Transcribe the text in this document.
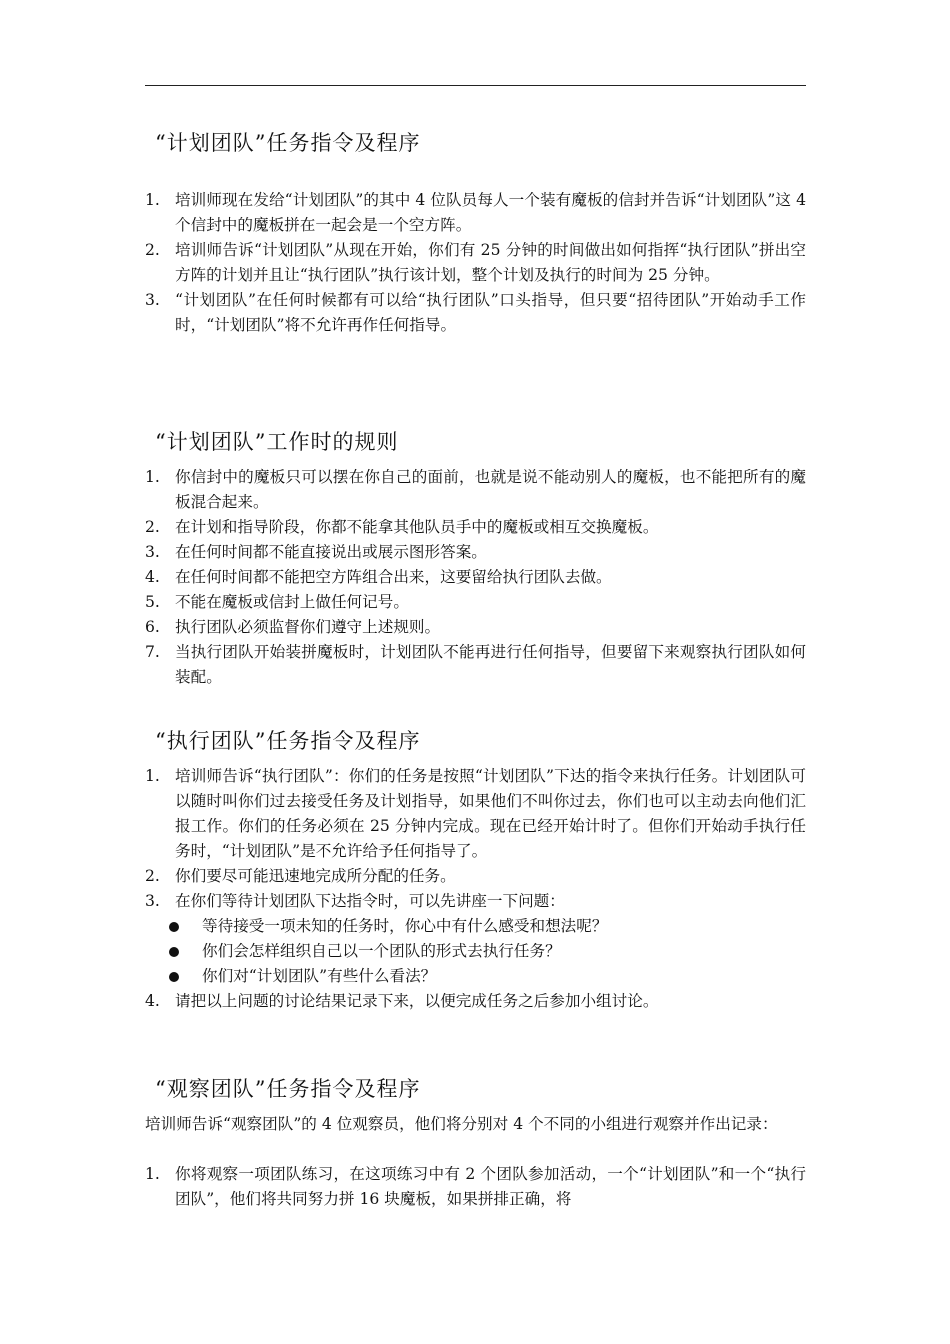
“计划团队”任务指令及程序
1. 培训师现在发给“计划团队”的其中 4 位队员每人一个装有魔板的信封并告诉“计划团队”这 4 个信封中的魔板拼在一起会是一个空方阵。
2. 培训师告诉“计划团队”从现在开始，你们有 25 分钟的时间做出如何指挥“执行团队”拼出空方阵的计划并且让“执行团队”执行该计划，整个计划及执行的时间为 25 分钟。
3. “计划团队”在任何时候都有可以给“执行团队”口头指导，但只要“招待团队”开始动手工作时，“计划团队”将不允许再作任何指导。
“计划团队”工作时的规则
1. 你信封中的魔板只可以摆在你自己的面前，也就是说不能动别人的魔板，也不能把所有的魔板混合起来。
2. 在计划和指导阶段，你都不能拿其他队员手中的魔板或相互交换魔板。
3. 在任何时间都不能直接说出或展示图形答案。
4. 在任何时间都不能把空方阵组合出来，这要留给执行团队去做。
5. 不能在魔板或信封上做任何记号。
6. 执行团队必须监督你们遵守上述规则。
7. 当执行团队开始装拼魔板时，计划团队不能再进行任何指导，但要留下来观察执行团队如何装配。
“执行团队”任务指令及程序
1. 培训师告诉“执行团队”：你们的任务是按照“计划团队”下达的指令来执行任务。计划团队可以随时叫你们过去接受任务及计划指导，如果他们不叫你过去，你们也可以主动去向他们汇报工作。你们的任务必须在 25 分钟内完成。现在已经开始计时了。但你们开始动手执行任务时，“计划团队”是不允许给予任何指导了。
2. 你们要尽可能迅速地完成所分配的任务。
3. 在你们等待计划团队下达指令时，可以先讲座一下问题：
等待接受一项未知的任务时，你心中有什么感受和想法呢？
你们会怎样组织自己以一个团队的形式去执行任务？
你们对“计划团队”有些什么看法？
4. 请把以上问题的讨论结果记录下来，以便完成任务之后参加小组讨论。
“观察团队”任务指令及程序
培训师告诉“观察团队”的 4 位观察员，他们将分别对 4 个不同的小组进行观察并作出记录：
1. 你将观察一项团队练习，在这项练习中有 2 个团队参加活动，一个“计划团队”和一个“执行团队”，他们将共同努力拼 16 块魔板，如果拼排正确，将
